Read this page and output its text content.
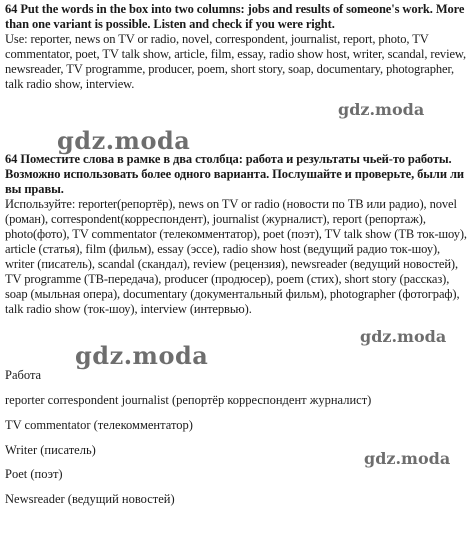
64 Put the words in the box into two columns: jobs and results of someone's work. More than one variant is possible. Listen and check if you were right.
Use: reporter, news on TV or radio, novel, correspondent, journalist, report, photo, TV commentator, poet, TV talk show, article, film, essay, radio show host, writer, scandal, review, newsreader, TV programme, producer, poem, short story, soap, documentary, photographer, talk radio show, interview.
64 Поместите слова в рамке в два столбца: работа и результаты чьей-то работы. Возможно использовать более одного варианта. Послушайте и проверьте, были ли вы правы.
Используйте: reporter(репортёр), news on TV or radio (новости по ТВ или радио), novel (роман), correspondent(корреспондент), journalist (журналист), report (репортаж), photo(фото), TV commentator (телекомментатор), poet (поэт), TV talk show (ТВ ток-шоу), article (статья), film (фильм), essay (эссе), radio show host (ведущий радио ток-шоу), writer (писатель), scandal (скандал), review (рецензия), newsreader (ведущий новостей), TV programme (ТВ-передача), producer (продюсер), poem (стих), short story (рассказ), soap (мыльная опера), documentary (документальный фильм), photographer (фотограф), talk radio show (ток-шоу), interview (интервью).
Работа
reporter correspondent journalist (репортёр корреспондент журналист)
TV commentator (телекомментатор)
Writer (писатель)
Poet (поэт)
Newsreader (ведущий новостей)
gdz.moda
gdz.moda
gdz.moda
gdz.moda
gdz.moda
